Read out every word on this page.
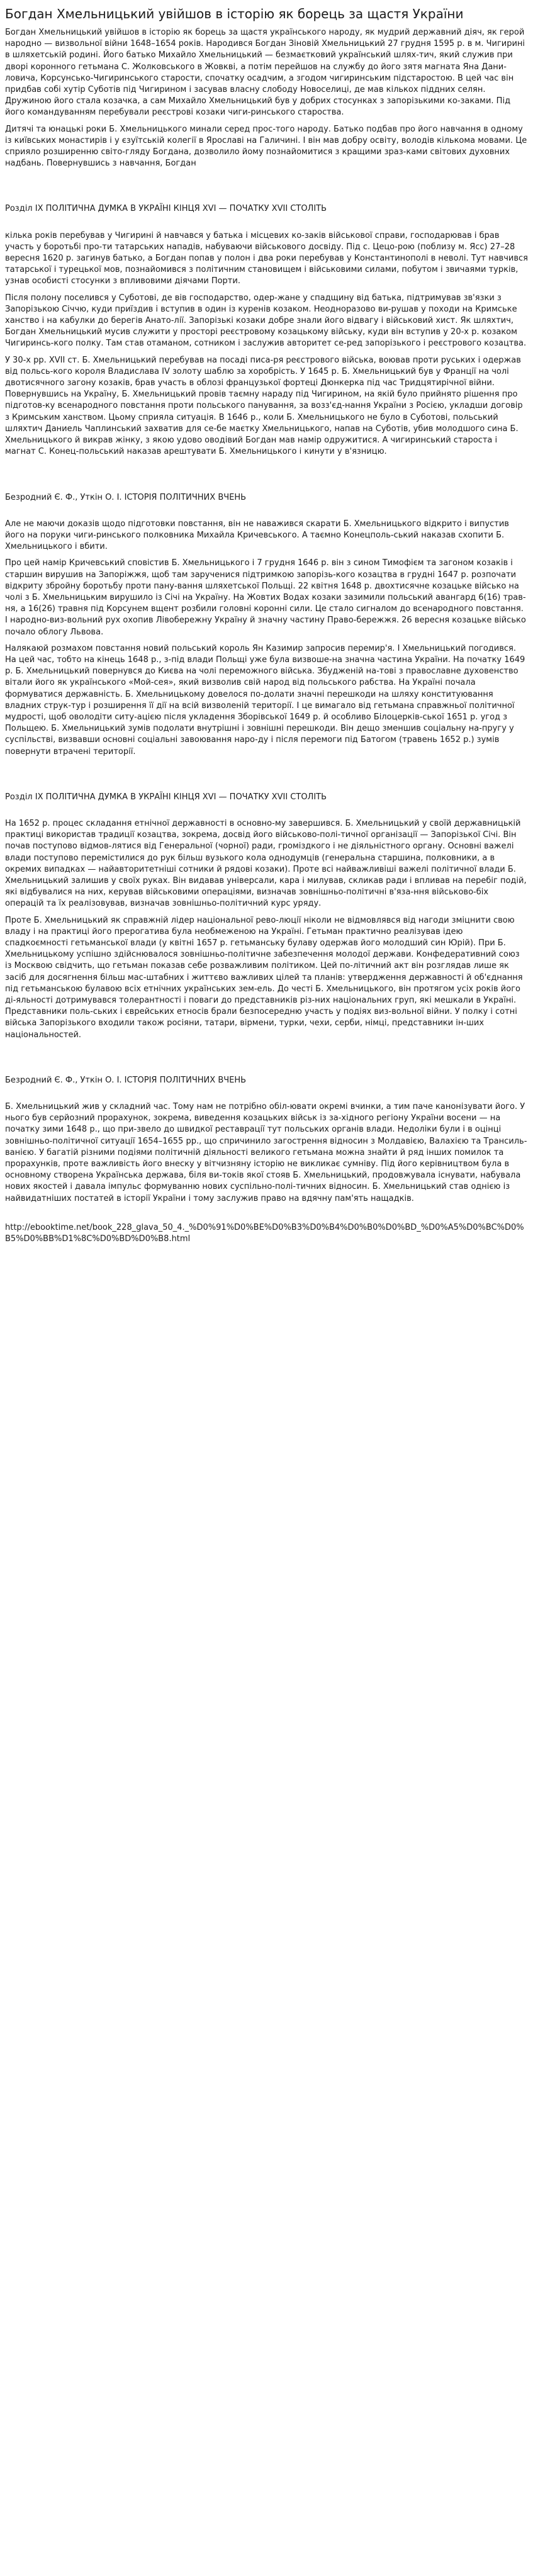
Богдан Хмельницький увійшов в історію як борець за щастя України

Богдан Хмельницький увійшов в історію як борець за щастя українського народу, як мудрий державний діяч, як герой народно — визвольної війни 1648–1654 років. Народився Богдан Зіновій Хмельницький 27 грудня 1595 р. в м. Чигирині в шляхетській родині. Його батько Михайло Хмельницький — безмаєтковий український шлях-тич, який служив при дворі коронного гетьмана С. Жолковського в Жовкві, а потім перейшов на службу до його зятя магната Яна Дани-ловича, Корсунсько-Чигиринського старости, спочатку осадчим, а згодом чигиринським підстаростою. В цей час він придбав собі хутір Суботів під Чигирином і засував власну слободу Новоселиці, де мав кількох піддних селян. Дружиною його стала козачка, а сам Михайло Хмельницький був у добрих стосунках з запорізькими ко-заками. Під його командуванням перебували реєстрові козаки чиги-ринського староства.

Дитячі та юнацькі роки Б. Хмельницького минали серед прос-того народу. Батько подбав про його навчання в одному із київських монастирів і у єзуїтській колегії в Ярославі на Галичині. І він мав добру освіту, володів кількома мовами. Це сприяло розширенню світо-гляду Богдана, дозволило йому познайомитися з кращими зраз-ками світових духовних надбань. Повернувшись з навчання, Богдан

Розділ IX ПОЛІТИЧНА ДУМКА В УКРАЇНІ КІНЦЯ XVI — ПОЧАТКУ XVII СТОЛІТЬ

кілька років перебував у Чигирині й навчався у батька і місцевих ко-заків військової справи, господарював і брав участь у боротьбі про-ти татарських нападів, набуваючи військового досвіду. Під с. Цецо-рою (поблизу м. Ясс) 27–28 вересня 1620 р. загинув батько, а Богдан попав у полон і два роки перебував у Константинополі в неволі. Тут навчився татарської і турецької мов, познайомився з політичним становищем і військовими силами, побутом і звичаями турків, узнав особисті стосунки з впливовими діячами Порти.

Після полону поселився у Суботові, де вів господарство, одер-жане у спадщину від батька, підтримував зв'язки з Запорізькою Січчю, куди приїздив і вступив в один із куренів козаком. Неодноразово ви-рушав у походи на Кримське ханство і на кабулки до берегів Анато-лії. Запорізькі козаки добре знали його відвагу і військовий хист. Як шляхтич, Богдан Хмельницький мусив служити у просторі реєстровому козацькому війську, куди він вступив у 20-х р. козаком Чигиринсь-кого полку. Там став отаманом, сотником і заслужив авторитет се-ред запорізького і реєстрового козацтва.

У 30-х рр. XVII ст. Б. Хмельницький перебував на посаді писа-ря реєстрового війська, воював проти руських і одержав від польсь-кого короля Владислава IV золоту шаблю за хоробрість. У 1645 р. Б. Хмельницький був у Франції на чолі двотисячного загону козаків, брав участь в облозі французької фортеці Дюнкерка під час Тридцятирічної війни. Повернувшись на Україну, Б. Хмельницький провів таємну нараду під Чигирином, на якій було прийнято рішення про підготов-ку всенародного повстання проти польського панування, за возз'єд-нання України з Росією, укладши договір з Кримським ханством. Цьому сприяла ситуація. В 1646 р., коли Б. Хмельницького не було в Суботові, польський шляхтич Даниель Чаплинський захватив для се-бе маєтку Хмельницького, напав на Суботів, убив молодшого сина Б. Хмельницького й викрав жінку, з якою удово оводівий Богдан мав намір одружитися. А чигиринський староста і магнат С. Конец-польський наказав арештувати Б. Хмельницького і кинути у в'язницю.

Безродний Є. Ф., Уткін О. І. ІСТОРІЯ ПОЛІТИЧНИХ ВЧЕНЬ

Але не маючи доказів щодо підготовки повстання, він не наважився скарати Б. Хмельницького відкрито і випустив його на поруки чиги-ринського полковника Михайла Кричевського. А таємно Конецполь-ський наказав схопити Б. Хмельницького і вбити.

Про цей намір Кричевський сповістив Б. Хмельницького і 7 грудня 1646 р. він з сином Тимофієм та загоном козаків і старшин вирушив на Запоріжжя, щоб там зарученися підтримкою запорізь-кого козацтва в грудні 1647 р. розпочати відкриту збройну боротьбу проти пану-вання шляхетської Польщі. 22 квітня 1648 р. двохтисячне козацьке військо на чолі з Б. Хмельницьким вирушило із Січі на Україну. На Жовтих Водах козаки зазимили польський авангард 6(16) трав-ня, а 16(26) травня під Корсунем вщент розбили головні коронні сили. Це стало сигналом до всенародного повстання. І народно-виз-вольний рух охопив Лівобережну Україну й значну частину Право-бережжя. 26 вересня козацьке військо почало облогу Львова.

Налякаюй розмахом повстання новий польський король Ян Казимир запросив перемир'я. І Хмельницький погодився. На цей час, тобто на кінець 1648 р., з-під влади Польщі уже була визвоше-на значна частина України. На початку 1649 р. Б. Хмельницький повернувся до Києва на чолі переможного війська. Збудженій на-тові з православне духовенство вітали його як українського «Мой-сея», який визволив свій народ від польського рабства. На Україні почала формуватися державність. Б. Хмельницькому довелося по-долати значні перешкоди на шляху конституювання владних струк-тур і розширення її дії на всій визволеній території. І це вимагало від гетьмана справжньої політичної мудрості, щоб оволодіти ситу-ацією після укладення Зборівської 1649 р. й особливо Білоцерків-ської 1651 р. угод з Польщею. Б. Хмельницький зумів подолати внутрішні і зовнішні перешкоди. Він дещо зменшив соціальну на-пругу у суспільстві, визвавши основні соціальні завоювання наро-ду і після перемоги під Батогом (травень 1652 р.) зумів повернути втрачені території.

Розділ IX ПОЛІТИЧНА ДУМКА В УКРАЇНІ КІНЦЯ XVI — ПОЧАТКУ XVII СТОЛІТЬ

На 1652 р. процес складання етнічної державності в основно-му завершився. Б. Хмельницький у своїй державницькій практиці використав традиції козацтва, зокрема, досвід його військово-полі-тичної організації — Запорізької Січі. Він почав поступово відмов-лятися від Генеральної (чорної) ради, громіздкого і не діяльністного органу. Основні важелі влади поступово перемістилися до рук більш вузького кола однодумців (генеральна старшина, полковники, а в окремих випадках — найавторитетніші сотники й рядові козаки). Проте всі найважливіші важелі політичної влади Б. Хмельницький залишив у своїх руках. Він видавав універсали, кара і милував, скликав ради і впливав на перебіг подій, які відбувалися на них, керував військовими операціями, визначав зовнішньо-політичні в'яза-ння військово-біх операцій та їх реалізовував, визначав зовнішньо-політичний курс уряду.

Проте Б. Хмельницький як справжній лідер національної рево-люції ніколи не відмовлявся від нагоди зміцнити свою владу і на практиці його прерогатива була необмеженою на Україні. Гетьман практично реалізував ідею спадкоємності гетьманської влади (у квітні 1657 р. гетьманську булаву одержав його молодший син Юрій). При Б. Хмельницькому успішно здійснювалося зовнішньо-політичне забезпечення молодої держави. Конфедеративний союз із Москвою свідчить, що гетьман показав себе розважливим політиком. Цей по-літичний акт він розглядав лише як засіб для досягнення більш мас-штабних і життєво важливих цілей та планів: утвердження державності й об'єднання під гетьманською булавою всіх етнічних українських зем-ель. До честі Б. Хмельницького, він протягом усіх років його ді-яльності дотримувався толерантності і поваги до представників різ-них національних груп, які мешкали в Україні. Представники поль-ських і єврейських етносів брали безпосередню участь у подіях виз-вольної війни. У полку і сотні війська Запорізького входили також росіяни, татари, вірмени, турки, чехи, серби, німці, представники ін-ших національностей.

Безродний Є. Ф., Уткін О. І. ІСТОРІЯ ПОЛІТИЧНИХ ВЧЕНЬ

Б. Хмельницький жив у складний час. Тому нам не потрібно обіл-ювати окремі вчинки, а тим паче канонізувати його. У нього був серйозний прорахунок, зокрема, виведення козацьких військ із за-хідного регіону України восени — на початку зими 1648 р., що при-звело до швидкої реставрації тут польських органів влади. Недоліки були і в оцінці зовнішньо-політичної ситуації 1654–1655 рр., що спричинило загострення відносин з Молдавією, Валахією та Трансиль-ванією. У багатій різними подіями політичній діяльності великого гетьмана можна знайти й ряд інших помилок та прорахунків, проте важливість його внеску у вітчизняну історію не викликає сумніву. Під його керівництвом була в основному створена Українська держава, біля ви-токів якої стояв Б. Хмельницький, продовжувала існувати, набувала нових якостей і давала імпульс формуванню нових суспільно-полі-тичних відносин. Б. Хмельницький став однією із найвидатніших постатей в історії України і тому заслужив право на вдячну пам'ять нащадків.

http://ebooktime.net/book_228_glava_50_4._%D0%91%D0%BE%D0%B3%D0%B4%D0%B0%D0%BD_%D0%A5%D0%BC%D0%B5%D0%BB%D1%8C%D0%BD%D0%B8.html
